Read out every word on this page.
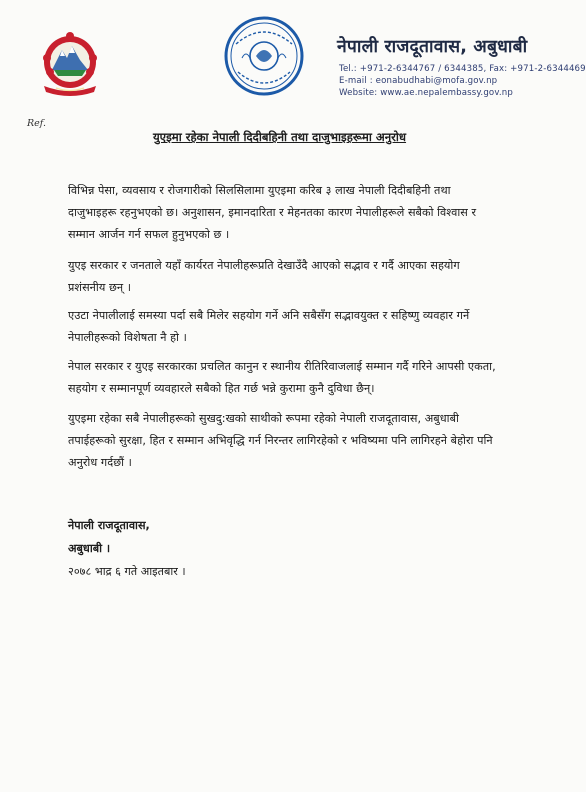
नेपाली राजदूतावास, अबुधाबी
Tel.: +971-2-6344767 / 6344385, Fax: +971-2-6344469
E-mail : eonabudhabi@mofa.gov.np
Website: www.ae.nepalembassy.gov.np
Ref.
युएइमा रहेका नेपाली दिदीबहिनी तथा दाजुभाइहरूमा अनुरोध
विभिन्न पेसा, व्यवसाय र रोजगारीको सिलसिलामा युएइमा करिब ३ लाख नेपाली दिदीबहिनी तथा दाजुभाइहरू रहनुभएको छ। अनुशासन, इमानदारिता र मेहनतका कारण नेपालीहरूले सबैको विश्वास र सम्मान आर्जन गर्न सफल हुनुभएको छ ।
युएइ सरकार र जनताले यहाँ कार्यरत नेपालीहरूप्रति देखाउँदै आएको सद्भाव र गर्दै आएका सहयोग प्रशंसनीय छन् ।
एउटा नेपालीलाई समस्या पर्दा सबै मिलेर सहयोग गर्ने अनि सबैसँग सद्भावयुक्त र सहिष्णु व्यवहार गर्ने नेपालीहरूको विशेषता नै हो ।
नेपाल सरकार र युएइ सरकारका प्रचलित कानुन र स्थानीय रीतिरिवाजलाई सम्मान गर्दै गरिने आपसी एकता, सहयोग र सम्मानपूर्ण व्यवहारले सबैको हित गर्छ भन्ने कुरामा कुनै दुविधा छैन्।
युएइमा रहेका सबै नेपालीहरूको सुखदु:खको साथीको रूपमा रहेको नेपाली राजदूतावास, अबुधाबी तपाईहरूको सुरक्षा, हित र सम्मान अभिवृद्धि गर्न निरन्तर लागिरहेको र भविष्यमा पनि लागिरहने बेहोरा पनि अनुरोध गर्दछौं ।
नेपाली राजदूतावास,
अबुधाबी ।
२०७८ भाद्र ६ गते आइतबार ।
